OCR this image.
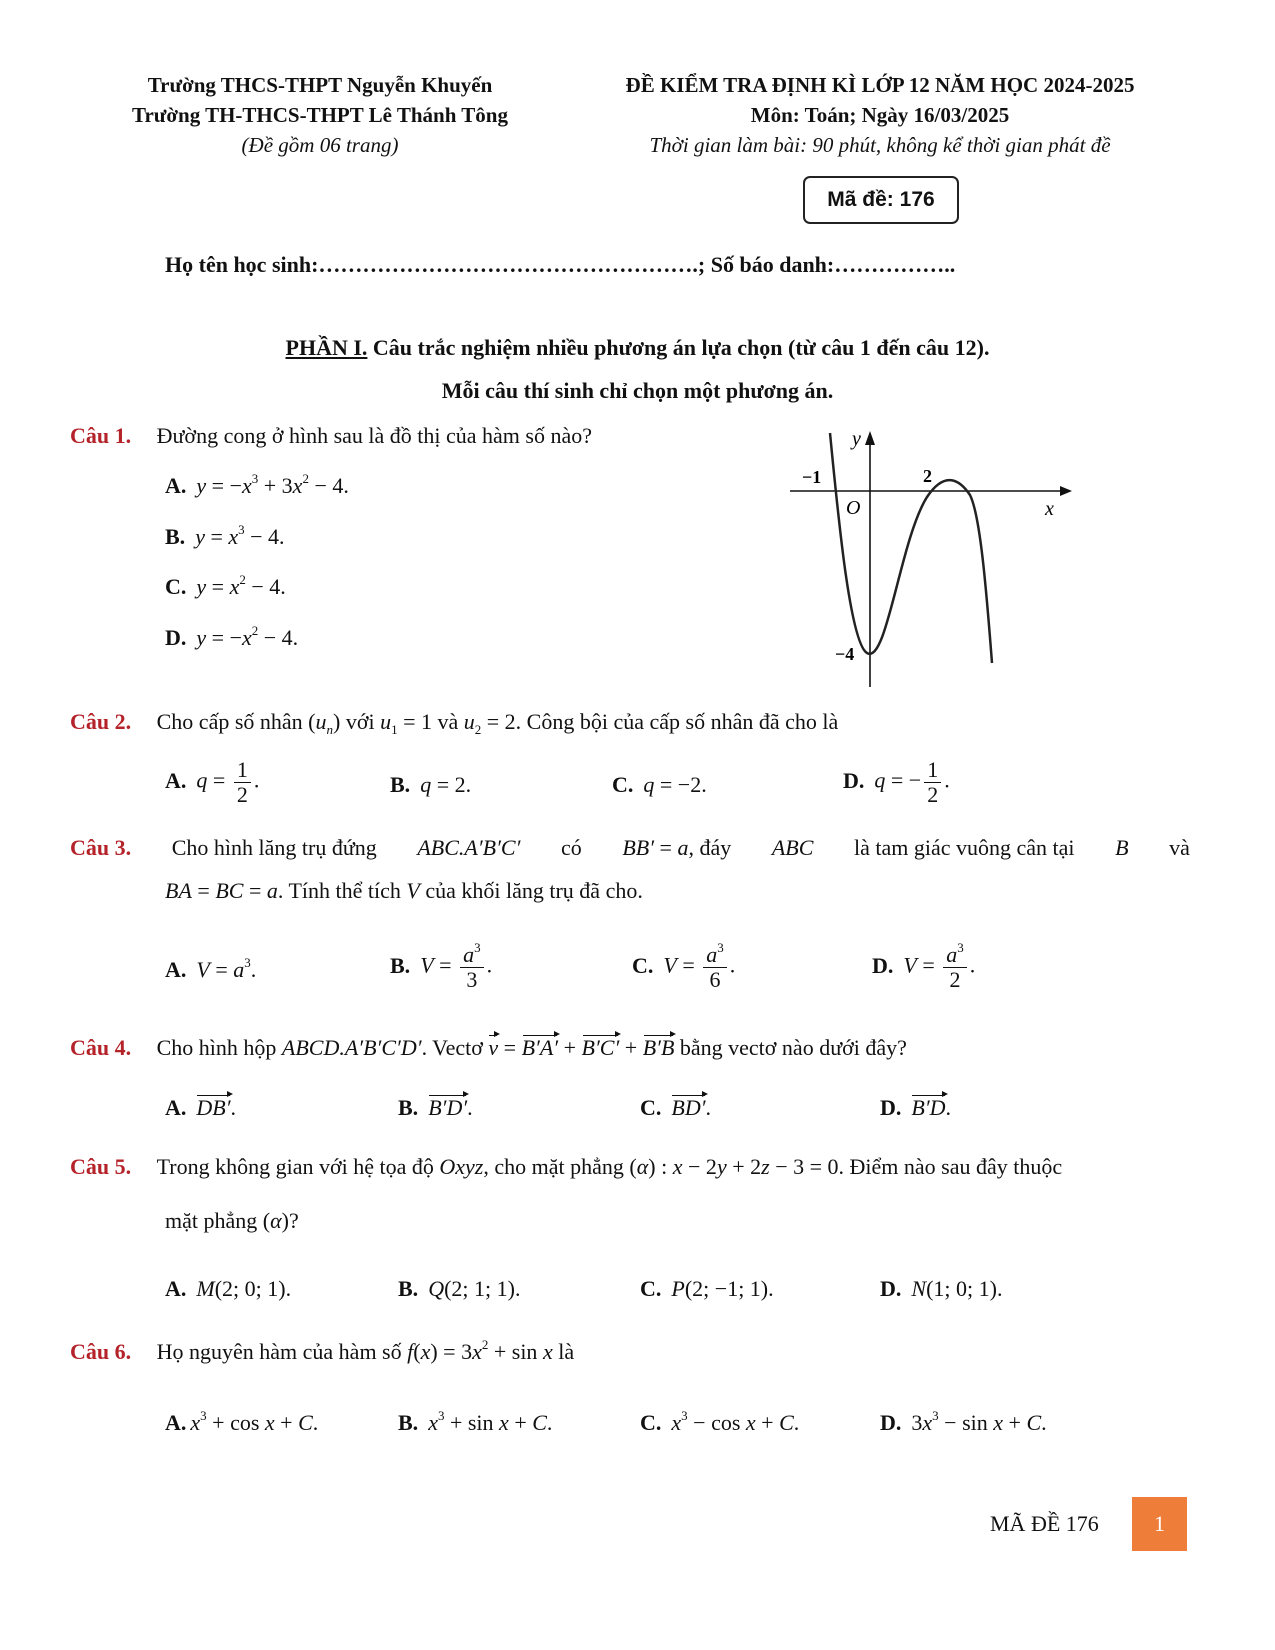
Trường THCS-THPT Nguyễn Khuyến
Trường TH-THCS-THPT Lê Thánh Tông
(Đề gồm 06 trang)
ĐỀ KIỂM TRA ĐỊNH KÌ LỚP 12 NĂM HỌC 2024-2025
Môn: Toán; Ngày 16/03/2025
Thời gian làm bài: 90 phút, không kể thời gian phát đề
Mã đề: 176
Họ tên học sinh:…………………………………………….; Số báo danh:……………..
PHẦN I. Câu trắc nghiệm nhiều phương án lựa chọn (từ câu 1 đến câu 12).
Mỗi câu thí sinh chỉ chọn một phương án.
Câu 1. Đường cong ở hình sau là đồ thị của hàm số nào?
A. $y = -x^3 + 3x^2 - 4$.
B. $y = x^3 - 4$.
C. $y = x^2 - 4$.
D. $y = -x^2 - 4$.
y
x
O
−1	2
−4
Câu 2. Cho cấp số nhân $(u_n)$ với $u_1 = 1$ và $u_2 = 2$. Công bội của cấp số nhân đã cho là
A. $q = \frac{1}{2}$ .	B. q = 2.	C. q = −2.	D. q = − $\frac{1}{2}$ .
Câu 3. Cho hình lăng trụ đứng ABC.A′B′C′ có BB′ = a, đáy ABC là tam giác vuông cân tại B và
BA = BC = a. Tính thể tích V của khối lăng trụ đã cho.
A. $V = a^3$.	B. $V = \frac{a^3}{3}$ .	C. $V = \frac{a^3}{6}$ .	D. $V = \frac{a^3}{2}$ .
Câu 4. Cho hình hộp ABCD.A′B′C′D′. Vectơ v = B′A′ + B′C′ + B′B bằng vectơ nào dưới đây?
A. DB′.	B. B′D′.	C. BD′.	D. B′D.
Câu 5. Trong không gian với hệ tọa độ Oxyz, cho mặt phẳng (α) : x − 2y + 2z − 3 = 0. Điểm nào sau đây thuộc
mặt phẳng (α)?
A. M(2; 0; 1).	B. Q(2; 1; 1).	C. P(2; −1; 1).	D. N(1; 0; 1).
Câu 6. Họ nguyên hàm của hàm số $f(x) = 3x^2 + \sin x$ là
A. $x^3 + \cos x + C$.	B. $x^3 + \sin x + C$.	C. $x^3 - \cos x + C$.	D. $3x^3 - \sin x + C$.
MÃ ĐỀ 176	1
